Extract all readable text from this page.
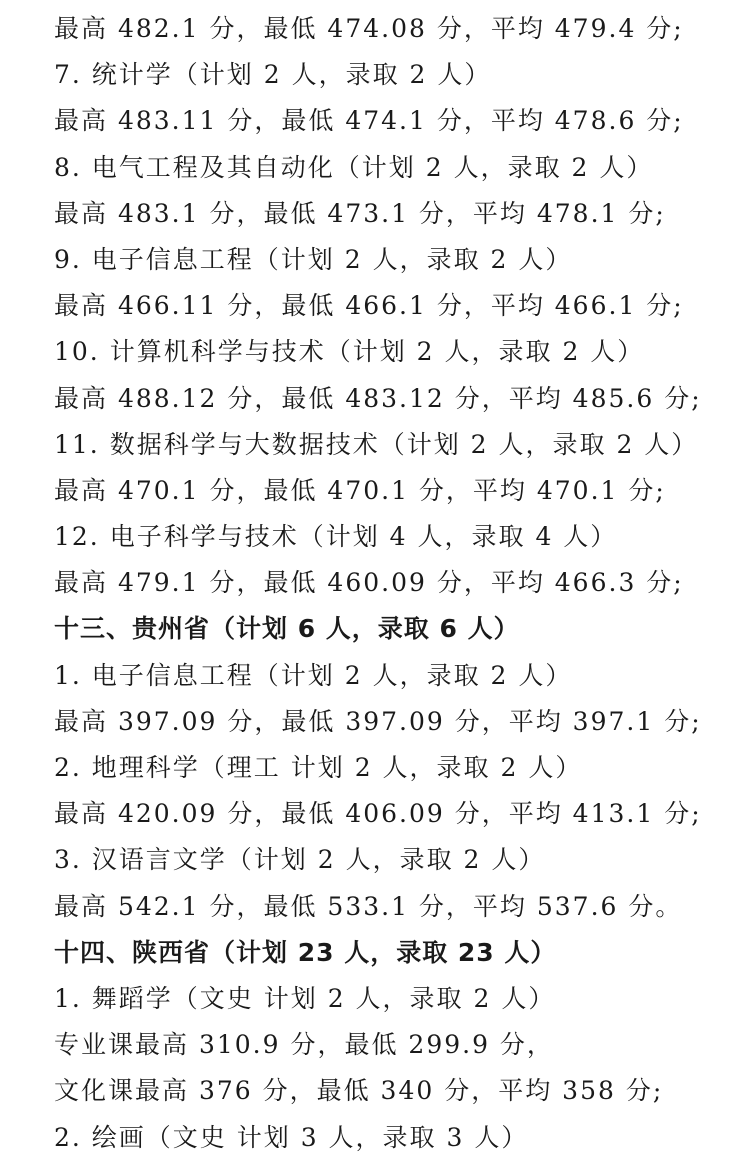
最高 482.1 分，最低 474.08 分，平均 479.4 分;
7. 统计学（计划 2 人，录取 2 人）
最高 483.11 分，最低 474.1 分，平均 478.6 分;
8. 电气工程及其自动化（计划 2 人，录取 2 人）
最高 483.1 分，最低 473.1 分，平均 478.1 分;
9. 电子信息工程（计划 2 人，录取 2 人）
最高 466.11 分，最低 466.1 分，平均 466.1 分;
10. 计算机科学与技术（计划 2 人，录取 2 人）
最高 488.12 分，最低 483.12 分，平均 485.6 分;
11. 数据科学与大数据技术（计划 2 人，录取 2 人）
最高 470.1 分，最低 470.1 分，平均 470.1 分;
12. 电子科学与技术（计划 4 人，录取 4 人）
最高 479.1 分，最低 460.09 分，平均 466.3 分;
十三、贵州省（计划 6 人，录取 6 人）
1. 电子信息工程（计划 2 人，录取 2 人）
最高 397.09 分，最低 397.09 分，平均 397.1 分;
2. 地理科学（理工 计划 2 人，录取 2 人）
最高 420.09 分，最低 406.09 分，平均 413.1 分;
3. 汉语言文学（计划 2 人，录取 2 人）
最高 542.1 分，最低 533.1 分，平均 537.6 分。
十四、陕西省（计划 23 人，录取 23 人）
1. 舞蹈学（文史 计划 2 人，录取 2 人）
专业课最高 310.9 分，最低 299.9 分，
文化课最高 376 分，最低 340 分，平均 358 分;
2. 绘画（文史 计划 3 人，录取 3 人）
